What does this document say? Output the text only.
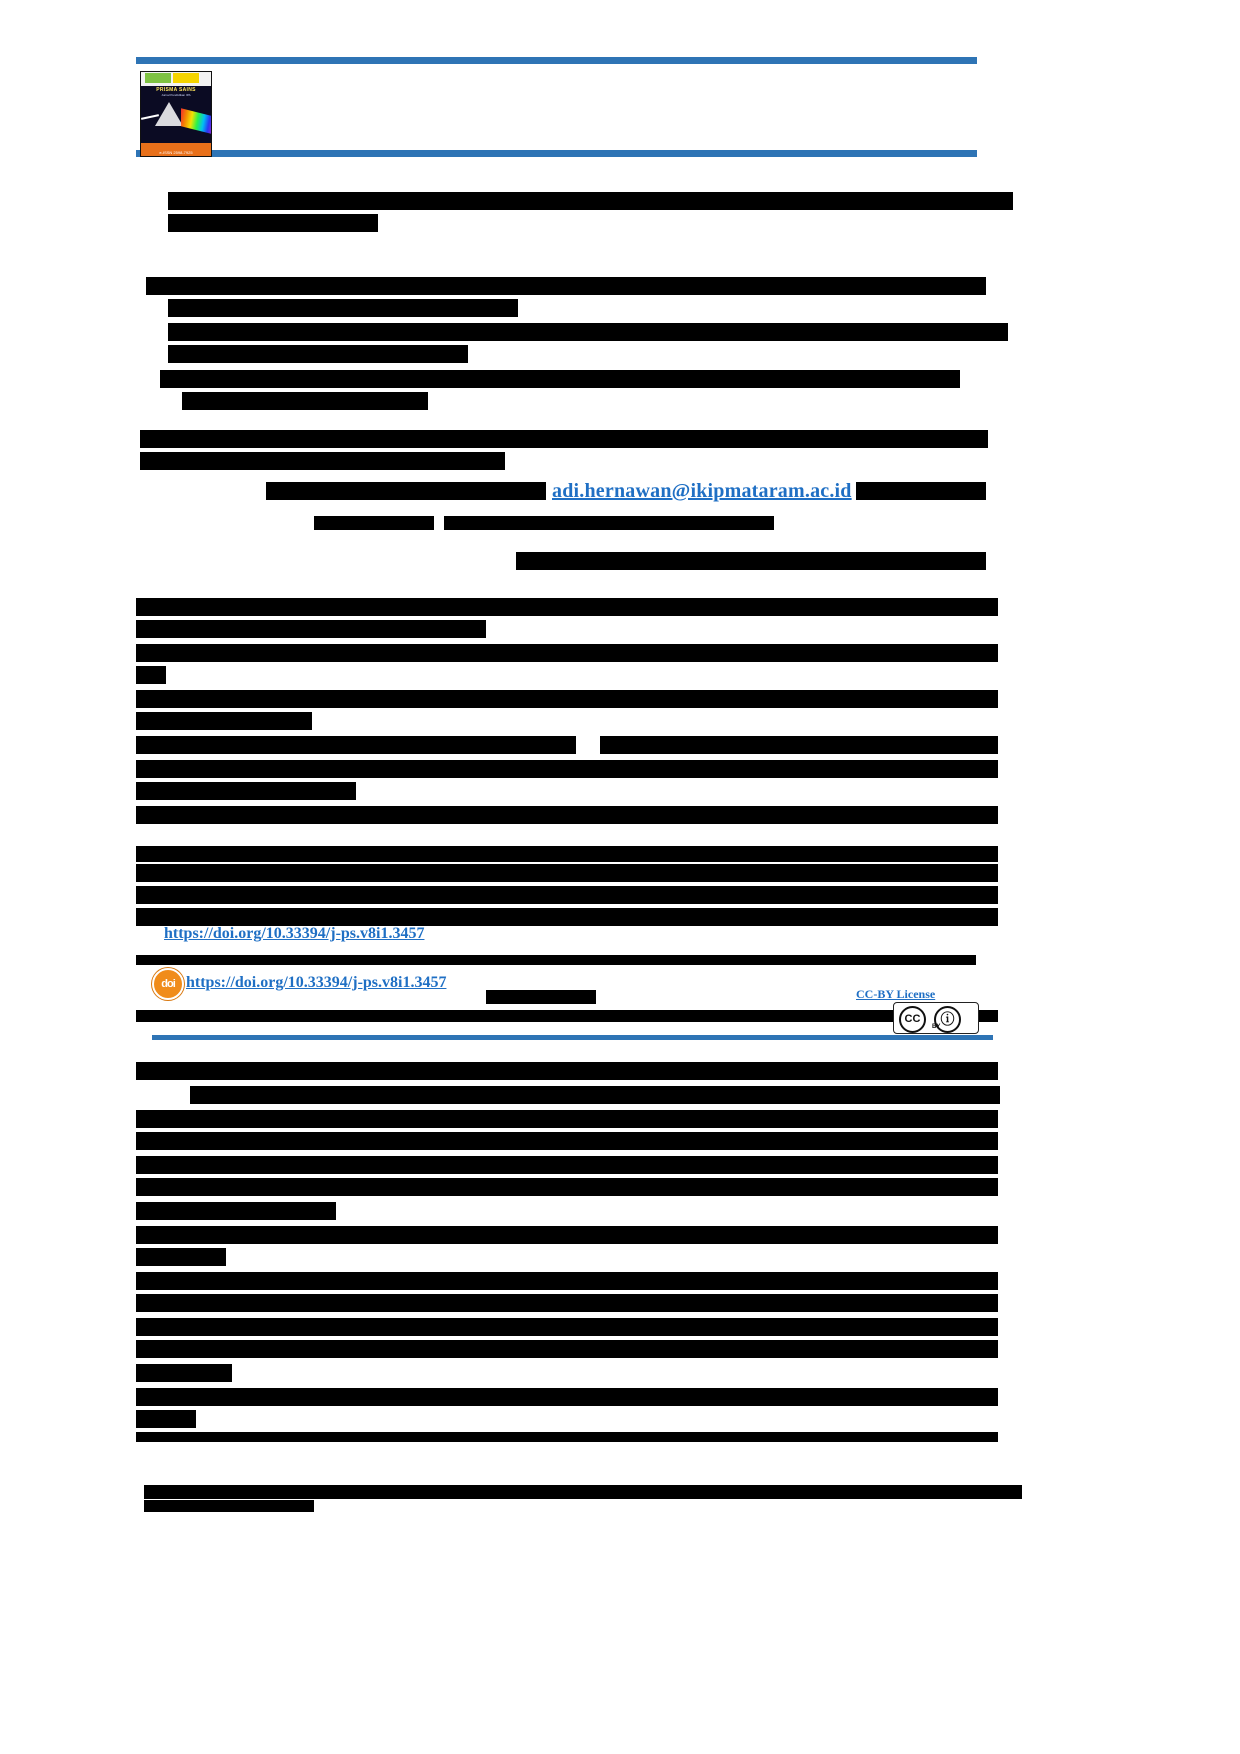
PRISMA SAINS
Jurnal Pendidikan IPA
e-ISSN 2598-7925
adi.hernawan@ikipmataram.ac.id
https://doi.org/10.33394/j-ps.v8i1.3457
doi https://doi.org/10.33394/j-ps.v8i1.3457
CC-BY License
CC	ⓘ
BY
